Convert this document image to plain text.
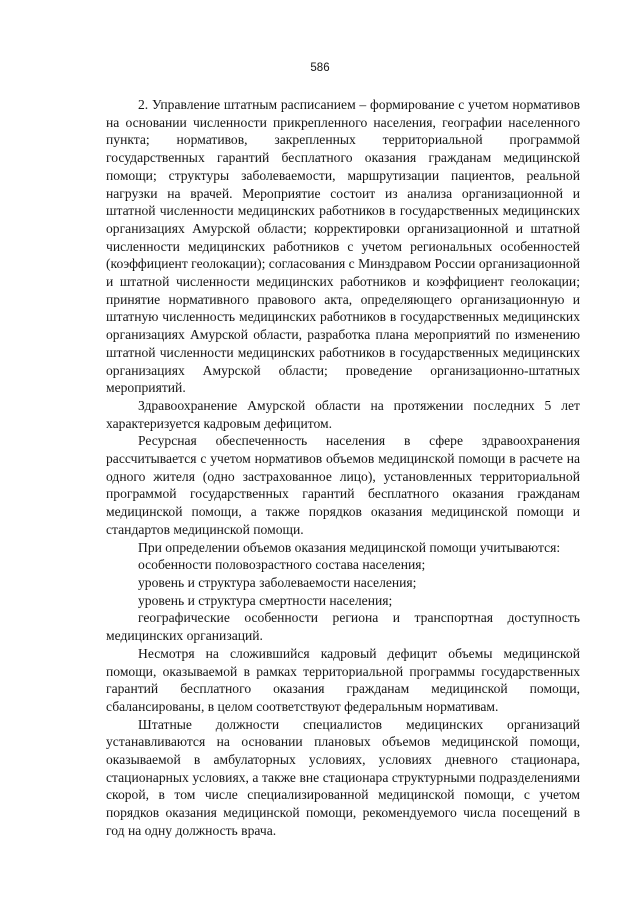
586

2. Управление штатным расписанием – формирование с учетом нормативов на основании численности прикрепленного населения, географии населенного пункта; нормативов, закрепленных территориальной программой государственных гарантий бесплатного оказания гражданам медицинской помощи; структуры заболеваемости, маршрутизации пациентов, реальной нагрузки на врачей. Мероприятие состоит из анализа организационной и штатной численности медицинских работников в государственных медицинских организациях Амурской области; корректировки организационной и штатной численности медицинских работников с учетом региональных особенностей (коэффициент геолокации); согласования с Минздравом России организационной и штатной численности медицинских работников и коэффициент геолокации; принятие нормативного правового акта, определяющего организационную и штатную численность медицинских работников в государственных медицинских организациях Амурской области, разработка плана мероприятий по изменению штатной численности медицинских работников в государственных медицинских организациях Амурской области; проведение организационно-штатных мероприятий.

Здравоохранение Амурской области на протяжении последних 5 лет характеризуется кадровым дефицитом.

Ресурсная обеспеченность населения в сфере здравоохранения рассчитывается с учетом нормативов объемов медицинской помощи в расчете на одного жителя (одно застрахованное лицо), установленных территориальной программой государственных гарантий бесплатного оказания гражданам медицинской помощи, а также порядков оказания медицинской помощи и стандартов медицинской помощи.

При определении объемов оказания медицинской помощи учитываются:

особенности половозрастного состава населения;

уровень и структура заболеваемости населения;

уровень и структура смертности населения;

географические особенности региона и транспортная доступность медицинских организаций.

Несмотря на сложившийся кадровый дефицит объемы медицинской помощи, оказываемой в рамках территориальной программы государственных гарантий бесплатного оказания гражданам медицинской помощи, сбалансированы, в целом соответствуют федеральным нормативам.

Штатные должности специалистов медицинских организаций устанавливаются на основании плановых объемов медицинской помощи, оказываемой в амбулаторных условиях, условиях дневного стационара, стационарных условиях, а также вне стационара структурными подразделениями скорой, в том числе специализированной медицинской помощи, с учетом порядков оказания медицинской помощи, рекомендуемого числа посещений в год на одну должность врача.
